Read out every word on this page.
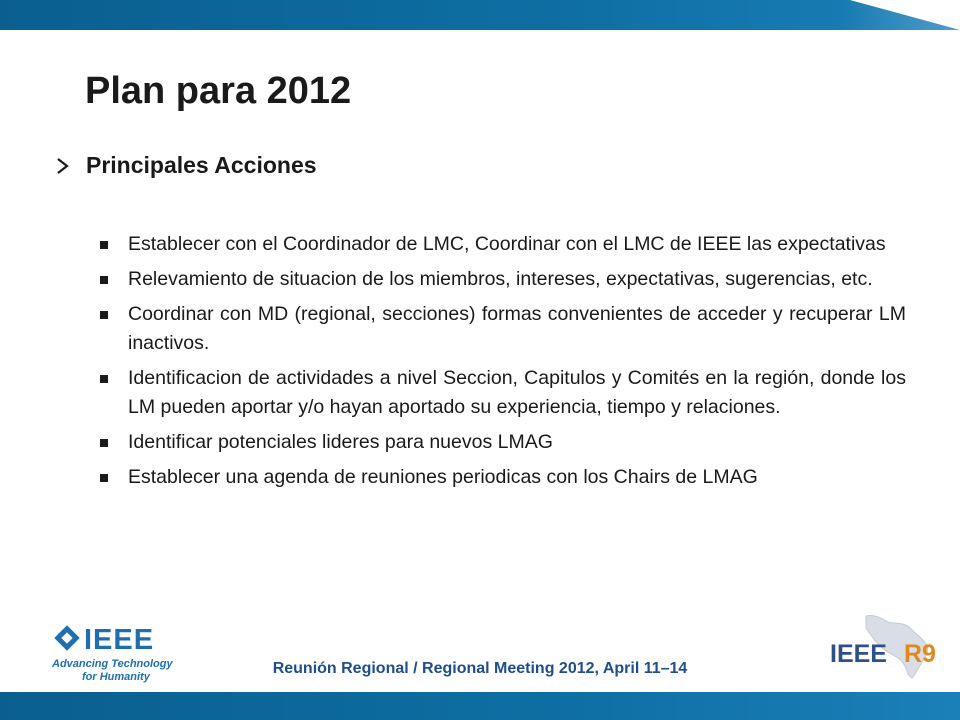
Plan para 2012
Principales Acciones
Establecer con el Coordinador de LMC, Coordinar con el LMC de IEEE las expectativas
Relevamiento de situacion de los miembros, intereses, expectativas, sugerencias, etc.
Coordinar con MD (regional, secciones) formas convenientes de acceder y recuperar LM inactivos.
Identificacion de actividades a nivel Seccion, Capitulos y Comités en la región, donde los LM pueden aportar y/o hayan aportado su experiencia, tiempo y relaciones.
Identificar potenciales lideres para nuevos LMAG
Establecer una agenda de reuniones periodicas con los Chairs de LMAG
IEEE
Advancing Technology
for Humanity	Reunión Regional / Regional Meeting 2012, April 11–14
IEEE R9
